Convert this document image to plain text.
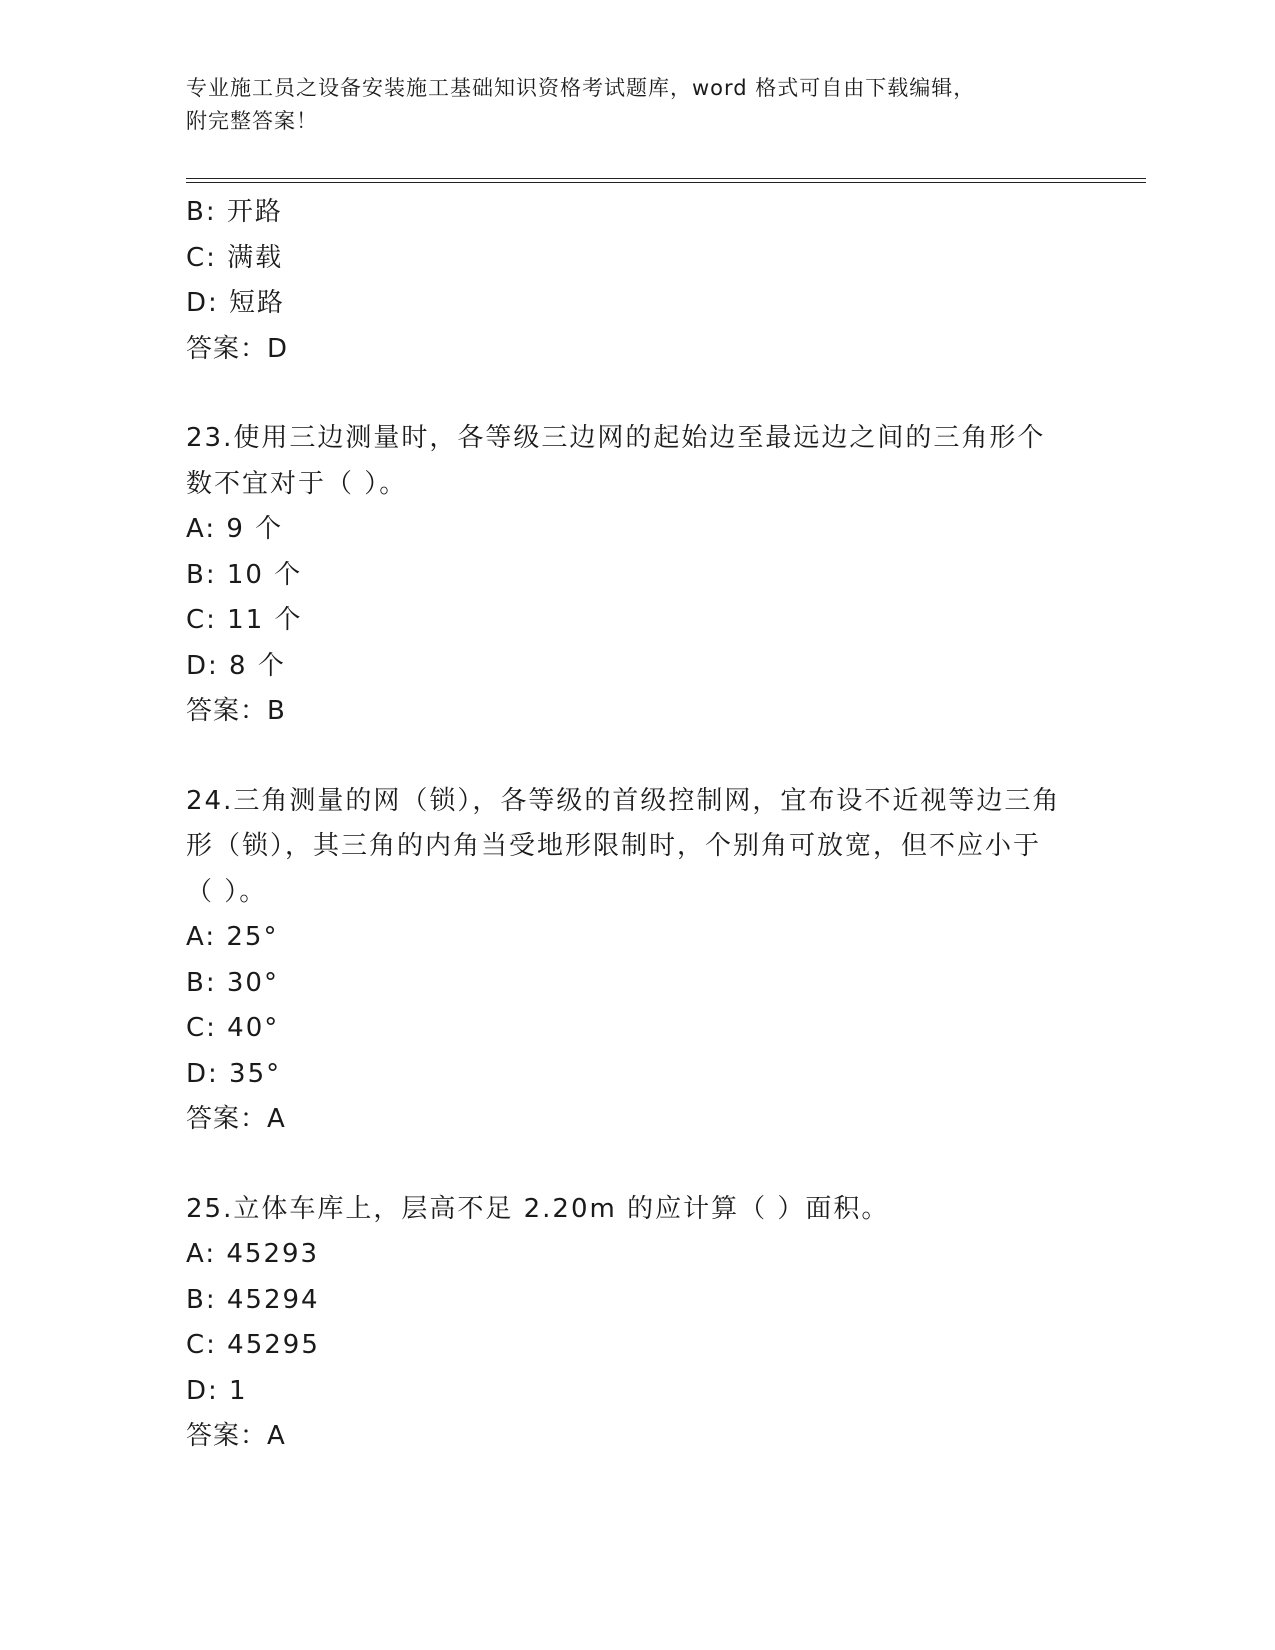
专业施工员之设备安装施工基础知识资格考试题库，word 格式可自由下载编辑，
附完整答案！
B: 开路
C: 满载
D: 短路
答案：D
23.使用三边测量时，各等级三边网的起始边至最远边之间的三角形个数不宜对于（ ）。
A: 9 个
B: 10 个
C: 11 个
D: 8 个
答案：B
24.三角测量的网（锁），各等级的首级控制网，宜布设不近视等边三角形（锁），其三角的内角当受地形限制时，个别角可放宽，但不应小于（ ）。
A: 25°
B: 30°
C: 40°
D: 35°
答案：A
25.立体车库上，层高不足 2.20m 的应计算（ ）面积。
A: 45293
B: 45294
C: 45295
D: 1
答案：A
